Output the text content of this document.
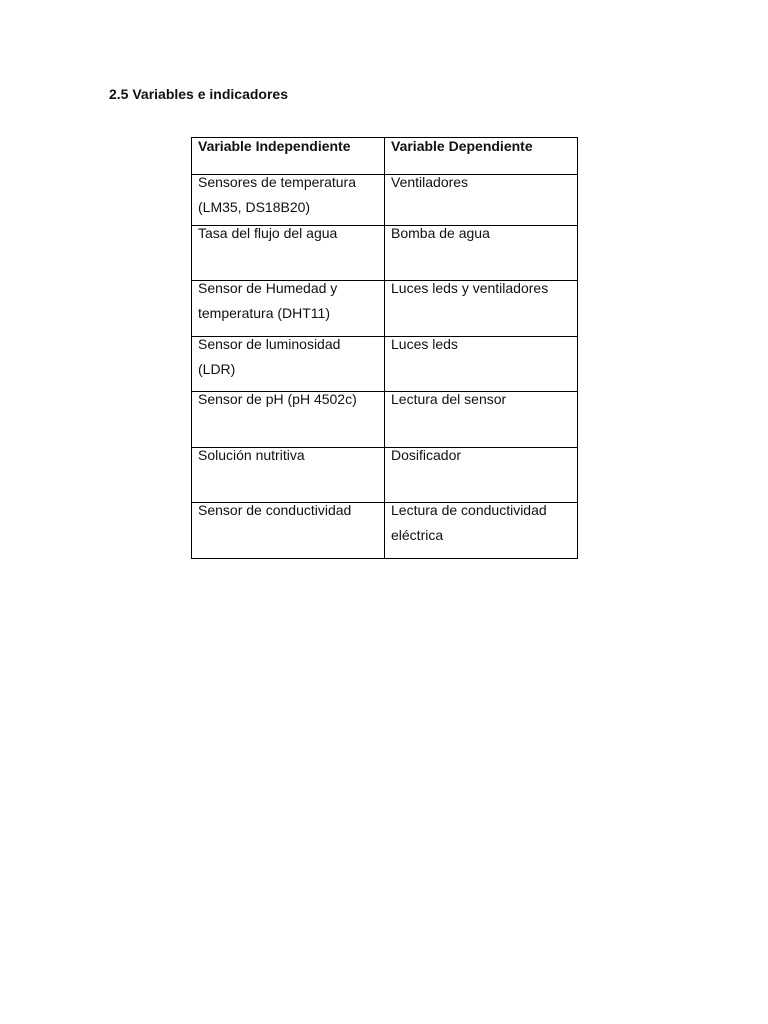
2.5 Variables e indicadores
Variable Independiente	Variable Dependiente

Sensores de temperatura (LM35, DS18B20)	Ventiladores

Tasa del flujo del agua	Bomba de agua

Sensor de Humedad y temperatura (DHT11)	Luces leds y ventiladores

Sensor de luminosidad (LDR)	Luces leds

Sensor de pH (pH 4502c)	Lectura del sensor

Solución nutritiva	Dosificador

Sensor de conductividad	Lectura de conductividad eléctrica
